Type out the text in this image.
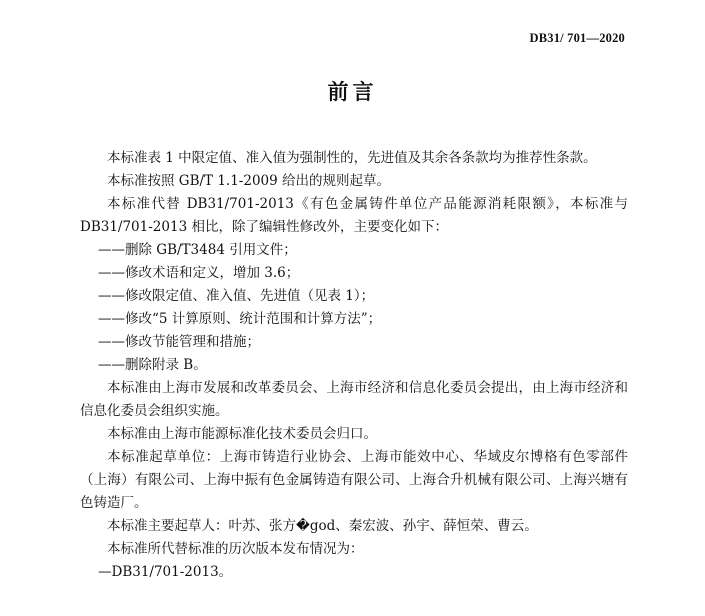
DB31/ 701—2020
前言

本标准表 1 中限定值、准入值为强制性的，先进值及其余各条款均为推荐性条款。

本标准按照 GB/T 1.1-2009 给出的规则起草。

本标准代替 DB31/701-2013《有色金属铸件单位产品能源消耗限额》，本标准与DB31/701-2013 相比，除了编辑性修改外，主要变化如下：

——删除 GB/T3484 引用文件；

——修改术语和定义，增加 3.6；

——修改限定值、准入值、先进值（见表 1）；

——修改“5 计算原则、统计范围和计算方法”；

——修改节能管理和措施；

——删除附录 B。

本标准由上海市发展和改革委员会、上海市经济和信息化委员会提出，由上海市经济和信息化委员会组织实施。

本标准由上海市能源标准化技术委员会归口。

本标准起草单位：上海市铸造行业协会、上海市能效中心、华域皮尔博格有色零部件（上海）有限公司、上海中振有色金属铸造有限公司、上海合升机械有限公司、上海兴塘有色铸造厂。

本标准主要起草人：叶苏、张方�god、秦宏波、孙宇、薛恒荣、曹云。

本标准所代替标准的历次版本发布情况为：

—DB31/701-2013。
